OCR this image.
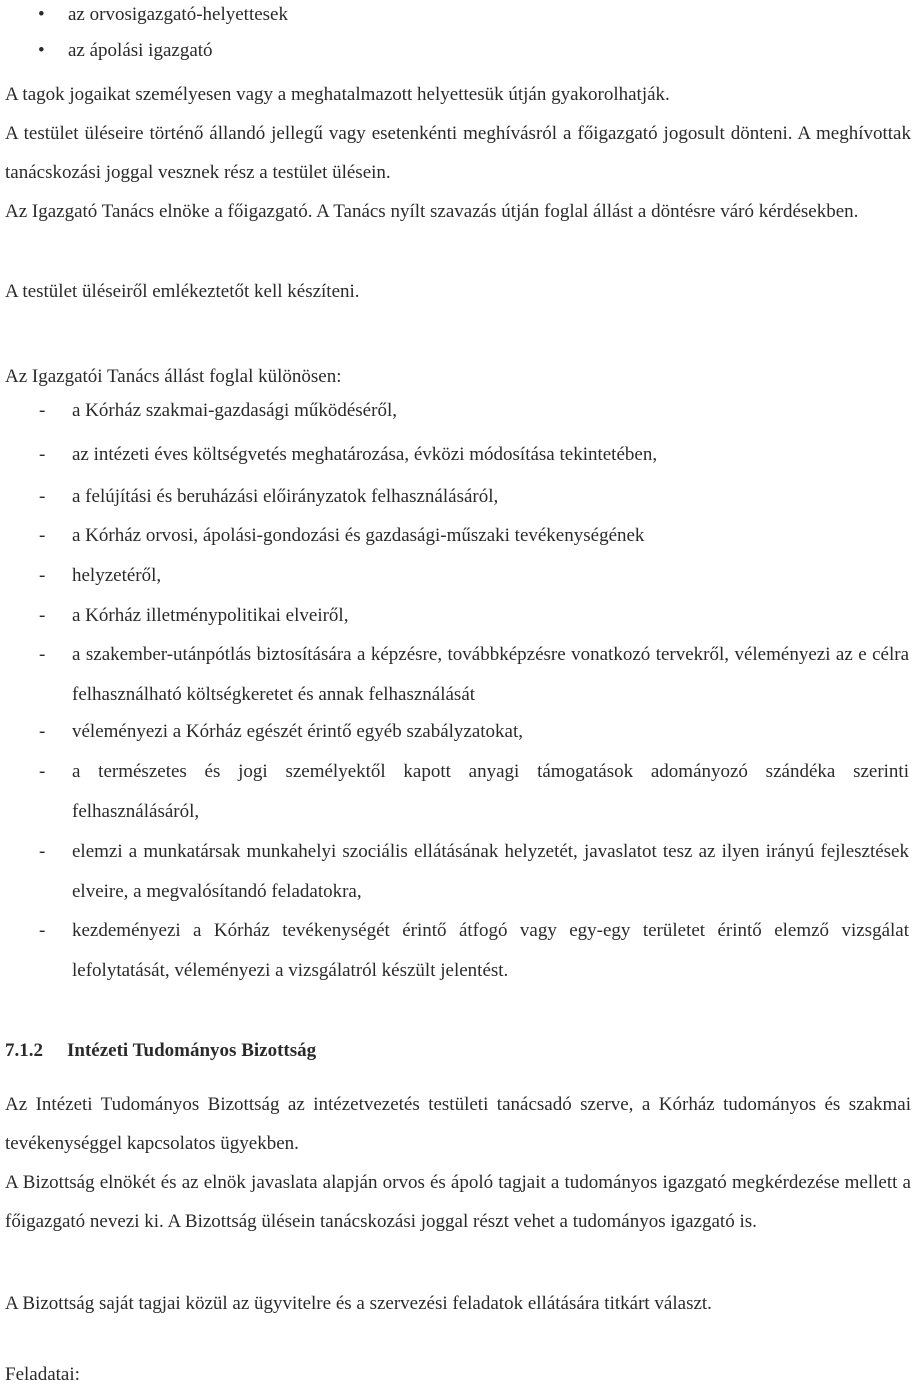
• az orvosigazgató-helyettesek
• az ápolási igazgató

A tagok jogaikat személyesen vagy a meghatalmazott helyettesük útján gyakorolhatják.

A testület üléseire történő állandó jellegű vagy esetenkénti meghívásról a főigazgató jogosult dönteni. A meghívottak tanácskozási joggal vesznek rész a testület ülésein.

Az Igazgató Tanács elnöke a főigazgató. A Tanács nyílt szavazás útján foglal állást a döntésre váró kérdésekben.

A testület üléseiről emlékeztetőt kell készíteni.

Az Igazgatói Tanács állást foglal különösen:

- a Kórház szakmai-gazdasági működéséről,
- az intézeti éves költségvetés meghatározása, évközi módosítása tekintetében,
- a felújítási és beruházási előirányzatok felhasználásáról,
- a Kórház orvosi, ápolási-gondozási és gazdasági-műszaki tevékenységének
- helyzetéről,
- a Kórház illetménypolitikai elveiről,
- a szakember-utánpótlás biztosítására a képzésre, továbbképzésre vonatkozó tervekről, véleményezi az e célra felhasználható költségkeretet és annak felhasználását
- véleményezi a Kórház egészét érintő egyéb szabályzatokat,
- a természetes és jogi személyektől kapott anyagi támogatások adományozó szándéka szerinti felhasználásáról,
- elemzi a munkatársak munkahelyi szociális ellátásának helyzetét, javaslatot tesz az ilyen irányú fejlesztések elveire, a megvalósítandó feladatokra,
- kezdeményezi a Kórház tevékenységét érintő átfogó vagy egy-egy területet érintő elemző vizsgálat lefolytatását, véleményezi a vizsgálatról készült jelentést.
7.1.2 Intézeti Tudományos Bizottság

Az Intézeti Tudományos Bizottság az intézetvezetés testületi tanácsadó szerve, a Kórház tudományos és szakmai tevékenységgel kapcsolatos ügyekben.

A Bizottság elnökét és az elnök javaslata alapján orvos és ápoló tagjait a tudományos igazgató megkérdezése mellett a főigazgató nevezi ki. A Bizottság ülésein tanácskozási joggal részt vehet a tudományos igazgató is.

A Bizottság saját tagjai közül az ügyvitelre és a szervezési feladatok ellátására titkárt választ.

Feladatai:
